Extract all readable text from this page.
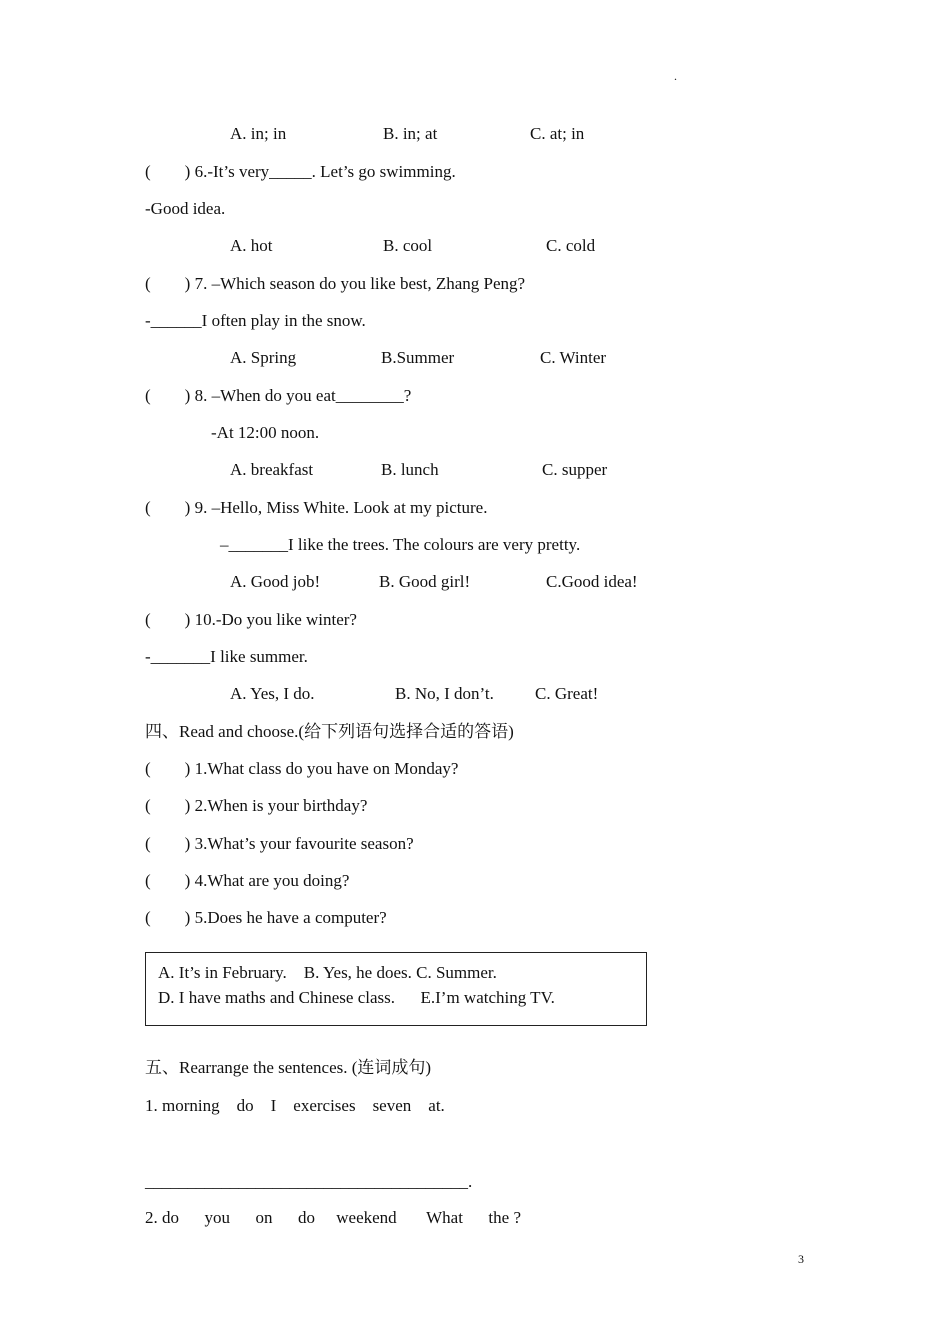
.
A. in; in	B. in; at	C. at; in
(        ) 6.-It’s very_____. Let’s go swimming.
-Good idea.
A. hot	B. cool	C. cold
(        ) 7. –Which season do you like best, Zhang Peng?
-______I often play in the snow.
A. Spring	B.Summer	C. Winter
(        ) 8. –When do you eat________?
-At 12:00 noon.
A. breakfast	B. lunch	C. supper
(        ) 9. –Hello, Miss White. Look at my picture.
–_______I like the trees. The colours are very pretty.
A. Good job!	B. Good girl!	C.Good idea!
(        ) 10.-Do you like winter?
-_______I like summer.
A. Yes, I do.	B. No, I don’t. C. Great!
四、Read and choose.(给下列语句选择合适的答语)
(        ) 1.What class do you have on Monday?
(        ) 2.When is your birthday?
(        ) 3.What’s your favourite season?
(        ) 4.What are you doing?
(        ) 5.Does he have a computer?
A. It’s in February.    B. Yes, he does. C. Summer.
D. I have maths and Chinese class.      E.I’m watching TV.
五、Rearrange the sentences. (连词成句)
1. morning    do    I    exercises    seven    at.
______________________________________.
2. do      you      on      do     weekend       What      the ?
3
